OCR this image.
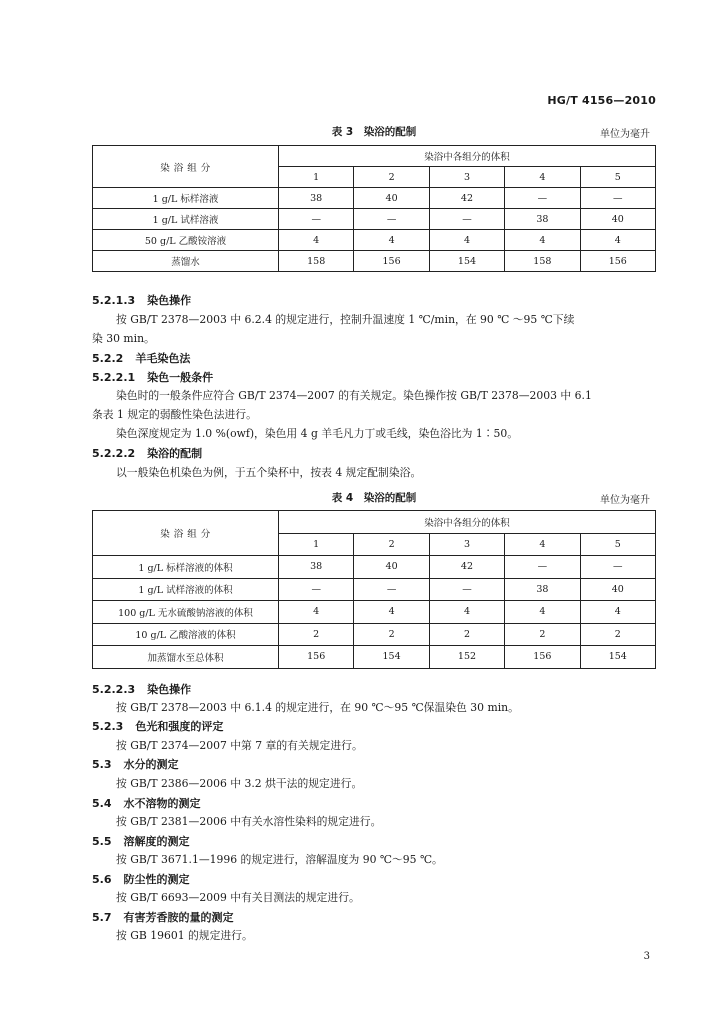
HG/T 4156—2010
表 3　染浴的配制	单位为毫升
染 浴 组 分	染浴中各组分的体积				
	1	2	3	4	5
1 g/L 标样溶液	38	40	42	—	—
1 g/L 试样溶液	—	—	—	38	40
50 g/L 乙酸铵溶液	4	4	4	4	4
蒸馏水	158	156	154	158	156
5.2.1.3 染色操作
按 GB/T 2378—2003 中 6.2.4 的规定进行，控制升温速度 1 ℃/min，在 90 ℃ ～95 ℃下续
染 30 min。
5.2.2 羊毛染色法
5.2.2.1 染色一般条件
染色时的一般条件应符合 GB/T 2374—2007 的有关规定。染色操作按 GB/T 2378—2003 中 6.1
条表 1 规定的弱酸性染色法进行。
染色深度规定为 1.0 %(owf)，染色用 4 g 羊毛凡力丁或毛线，染色浴比为 1∶50。
5.2.2.2 染浴的配制
以一般染色机染色为例，于五个染杯中，按表 4 规定配制染浴。
表 4　染浴的配制	单位为毫升
染 浴 组 分	染浴中各组分的体积				
	1	2	3	4	5
1 g/L 标样溶液的体积	38	40	42	—	—
1 g/L 试样溶液的体积	—	—	—	38	40
100 g/L 无水硫酸钠溶液的体积	4	4	4	4	4
10 g/L 乙酸溶液的体积	2	2	2	2	2
加蒸馏水至总体积	156	154	152	156	154
5.2.2.3 染色操作
按 GB/T 2378—2003 中 6.1.4 的规定进行，在 90 ℃～95 ℃保温染色 30 min。
5.2.3 色光和强度的评定
按 GB/T 2374—2007 中第 7 章的有关规定进行。
5.3 水分的测定
按 GB/T 2386—2006 中 3.2 烘干法的规定进行。
5.4 水不溶物的测定
按 GB/T 2381—2006 中有关水溶性染料的规定进行。
5.5 溶解度的测定
按 GB/T 3671.1—1996 的规定进行，溶解温度为 90 ℃～95 ℃。
5.6 防尘性的测定
按 GB/T 6693—2009 中有关目测法的规定进行。
5.7 有害芳香胺的量的测定
按 GB 19601 的规定进行。
3
